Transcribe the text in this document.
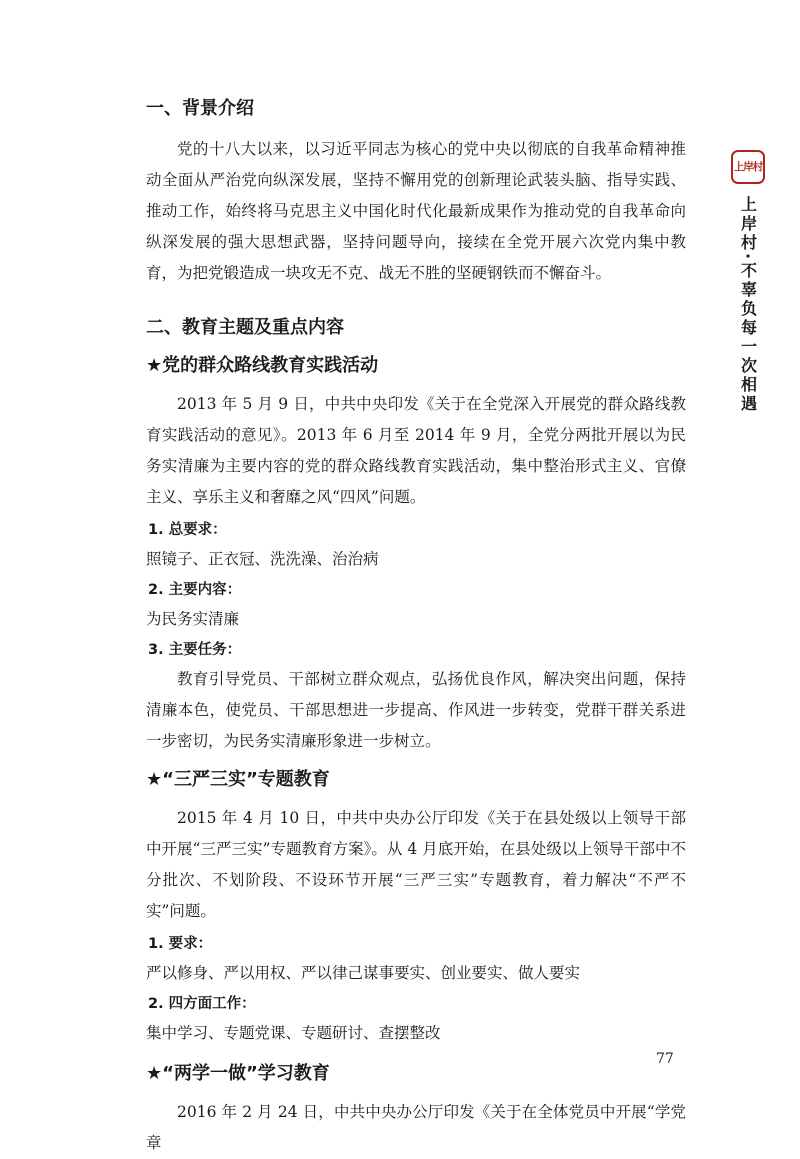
一、背景介绍

党的十八大以来，以习近平同志为核心的党中央以彻底的自我革命精神推动全面从严治党向纵深发展，坚持不懈用党的创新理论武装头脑、指导实践、推动工作，始终将马克思主义中国化时代化最新成果作为推动党的自我革命向纵深发展的强大思想武器，坚持问题导向，接续在全党开展六次党内集中教育，为把党锻造成一块攻无不克、战无不胜的坚硬钢铁而不懈奋斗。

二、教育主题及重点内容
★党的群众路线教育实践活动

2013 年 5 月 9 日，中共中央印发《关于在全党深入开展党的群众路线教育实践活动的意见》。2013 年 6 月至 2014 年 9 月，全党分两批开展以为民务实清廉为主要内容的党的群众路线教育实践活动，集中整治形式主义、官僚主义、享乐主义和奢靡之风“四风”问题。

1. 总要求：
照镜子、正衣冠、洗洗澡、治治病
2. 主要内容：
为民务实清廉
3. 主要任务：

教育引导党员、干部树立群众观点，弘扬优良作风，解决突出问题，保持清廉本色，使党员、干部思想进一步提高、作风进一步转变，党群干群关系进一步密切，为民务实清廉形象进一步树立。

★“三严三实”专题教育

2015 年 4 月 10 日，中共中央办公厅印发《关于在县处级以上领导干部中开展“三严三实”专题教育方案》。从 4 月底开始，在县处级以上领导干部中不分批次、不划阶段、不设环节开展“三严三实”专题教育，着力解决“不严不实”问题。

1. 要求：
严以修身、严以用权、严以律己谋事要实、创业要实、做人要实
2. 四方面工作：
集中学习、专题党课、专题研讨、查摆整改
★“两学一做”学习教育

2016 年 2 月 24 日，中共中央办公厅印发《关于在全体党员中开展“学党章

上岸村
上岸村·不辜负每一次相遇
77
